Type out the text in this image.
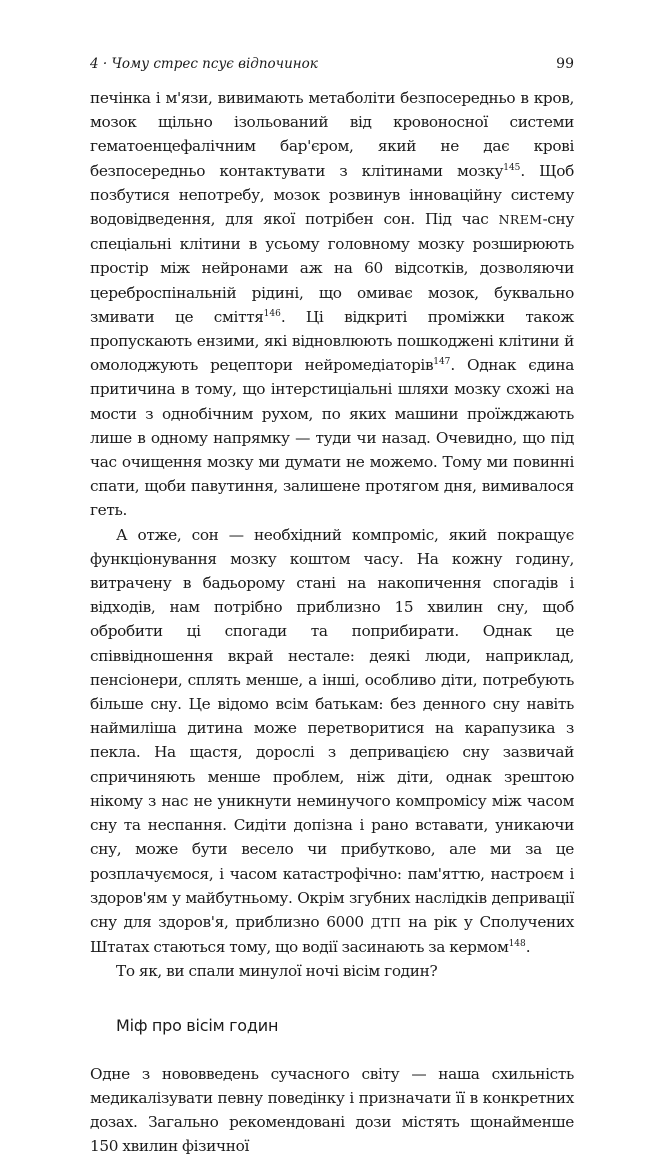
4 · Чому стрес псує відпочинок	99

печінка і м'язи, вивимають метаболіти безпосередньо в кров, мозок щільно ізольований від кровоносної системи гематоенцефалічним бар'єром, який не дає крові безпосередньо контактувати з клітинами мозку$^{145}$. Щоб позбутися непотребу, мозок розвинув інноваційну систему водовідведення, для якої потрібен сон. Під час NREM-сну спеціальні клітини в усьому головному мозку розширюють простір між нейронами аж на 60 відсотків, дозволяючи цереброспінальній рідині, що омиває мозок, буквально змивати це сміття$^{146}$. Ці відкриті проміжки також пропускають ензими, які відновлюють пошкоджені клітини й омолоджують рецептори нейромедіаторів$^{147}$. Однак єдина притичина в тому, що інтерстиціальні шляхи мозку схожі на мости з однобічним рухом, по яких машини проїжджають лише в одному напрямку — туди чи назад. Очевидно, що під час очищення мозку ми думати не можемо. Тому ми повинні спати, щоби павутиння, залишене протягом дня, вимивалося геть.

А отже, сон — необхідний компроміс, який покращує функціонування мозку коштом часу. На кожну годину, витрачену в бадьорому стані на накопичення спогадів і відходів, нам потрібно приблизно 15 хвилин сну, щоб обробити ці спогади та поприбирати. Однак це співвідношення вкрай нестале: деякі люди, наприклад, пенсіонери, сплять менше, а інші, особливо діти, потребують більше сну. Це відомо всім батькам: без денного сну навіть наймиліша дитина може перетворитися на карапузика з пекла. На щастя, дорослі з депривацією сну зазвичай спричиняють менше проблем, ніж діти, однак зрештою нікому з нас не уникнути неминучого компромісу між часом сну та неспання. Сидіти допізна і рано вставати, уникаючи сну, може бути весело чи прибутково, але ми за це розплачуємося, і часом катастрофічно: пам'яттю, настроєм і здоров'ям у майбутньому. Окрім згубних наслідків депривації сну для здоров'я, приблизно 6000 ДТП на рік у Сполучених Штатах стаються тому, що водії засинають за кермом$^{148}$.

То як, ви спали минулої ночі вісім годин?

Міф про вісім годин

Одне з нововведень сучасного світу — наша схильність медикалізувати певну поведінку і призначати її в конкретних дозах. Загально рекомендовані дози містять щонайменше 150 хвилин фізичної
